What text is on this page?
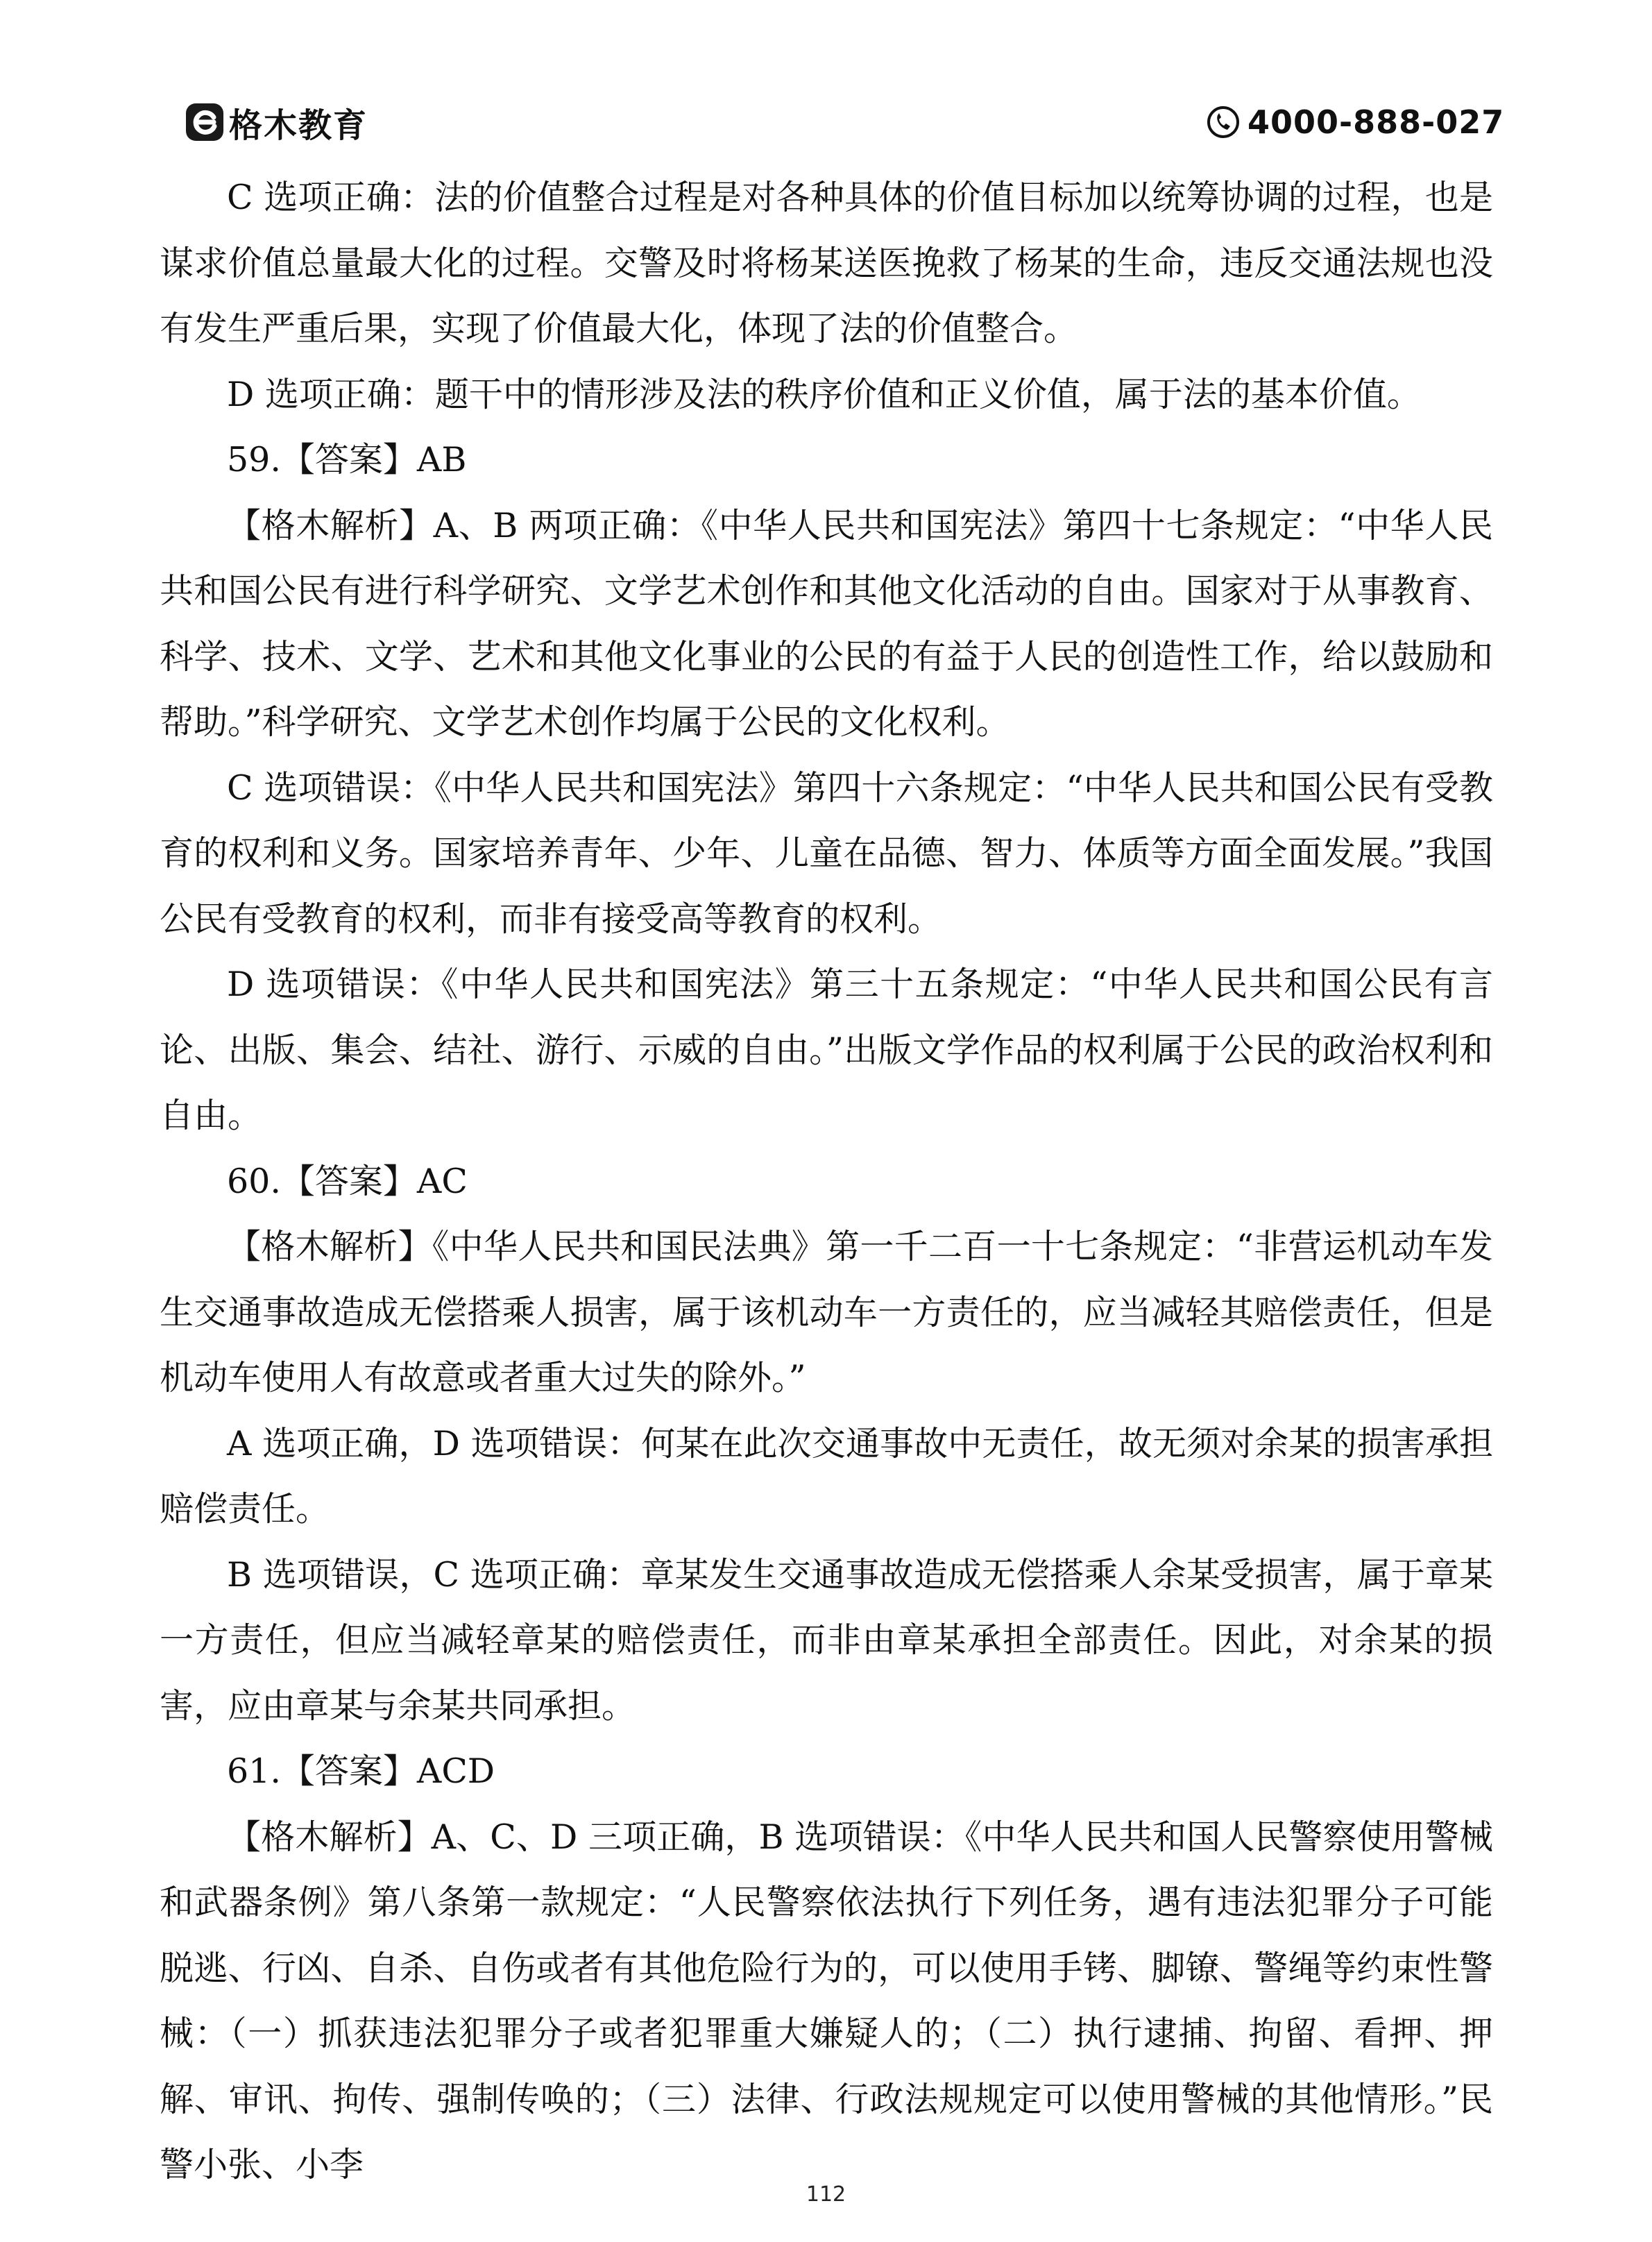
格木教育	4000-888-027

C 选项正确：法的价值整合过程是对各种具体的价值目标加以统筹协调的过程，也是谋求价值总量最大化的过程。交警及时将杨某送医挽救了杨某的生命，违反交通法规也没有发生严重后果，实现了价值最大化，体现了法的价值整合。

D 选项正确：题干中的情形涉及法的秩序价值和正义价值，属于法的基本价值。

59.【答案】AB

【格木解析】A、B 两项正确：《中华人民共和国宪法》第四十七条规定：“中华人民共和国公民有进行科学研究、文学艺术创作和其他文化活动的自由。国家对于从事教育、科学、技术、文学、艺术和其他文化事业的公民的有益于人民的创造性工作，给以鼓励和帮助。”科学研究、文学艺术创作均属于公民的文化权利。

C 选项错误：《中华人民共和国宪法》第四十六条规定：“中华人民共和国公民有受教育的权利和义务。国家培养青年、少年、儿童在品德、智力、体质等方面全面发展。”我国公民有受教育的权利，而非有接受高等教育的权利。

D 选项错误：《中华人民共和国宪法》第三十五条规定：“中华人民共和国公民有言论、出版、集会、结社、游行、示威的自由。”出版文学作品的权利属于公民的政治权利和自由。

60.【答案】AC

【格木解析】《中华人民共和国民法典》第一千二百一十七条规定：“非营运机动车发生交通事故造成无偿搭乘人损害，属于该机动车一方责任的，应当减轻其赔偿责任，但是机动车使用人有故意或者重大过失的除外。”

A 选项正确，D 选项错误：何某在此次交通事故中无责任，故无须对余某的损害承担赔偿责任。

B 选项错误，C 选项正确：章某发生交通事故造成无偿搭乘人余某受损害，属于章某一方责任，但应当减轻章某的赔偿责任，而非由章某承担全部责任。因此，对余某的损害，应由章某与余某共同承担。

61.【答案】ACD

【格木解析】A、C、D 三项正确，B 选项错误：《中华人民共和国人民警察使用警械和武器条例》第八条第一款规定：“人民警察依法执行下列任务，遇有违法犯罪分子可能脱逃、行凶、自杀、自伤或者有其他危险行为的，可以使用手铐、脚镣、警绳等约束性警械：（一）抓获违法犯罪分子或者犯罪重大嫌疑人的；（二）执行逮捕、拘留、看押、押解、审讯、拘传、强制传唤的；（三）法律、行政法规规定可以使用警械的其他情形。”民警小张、小李

112
